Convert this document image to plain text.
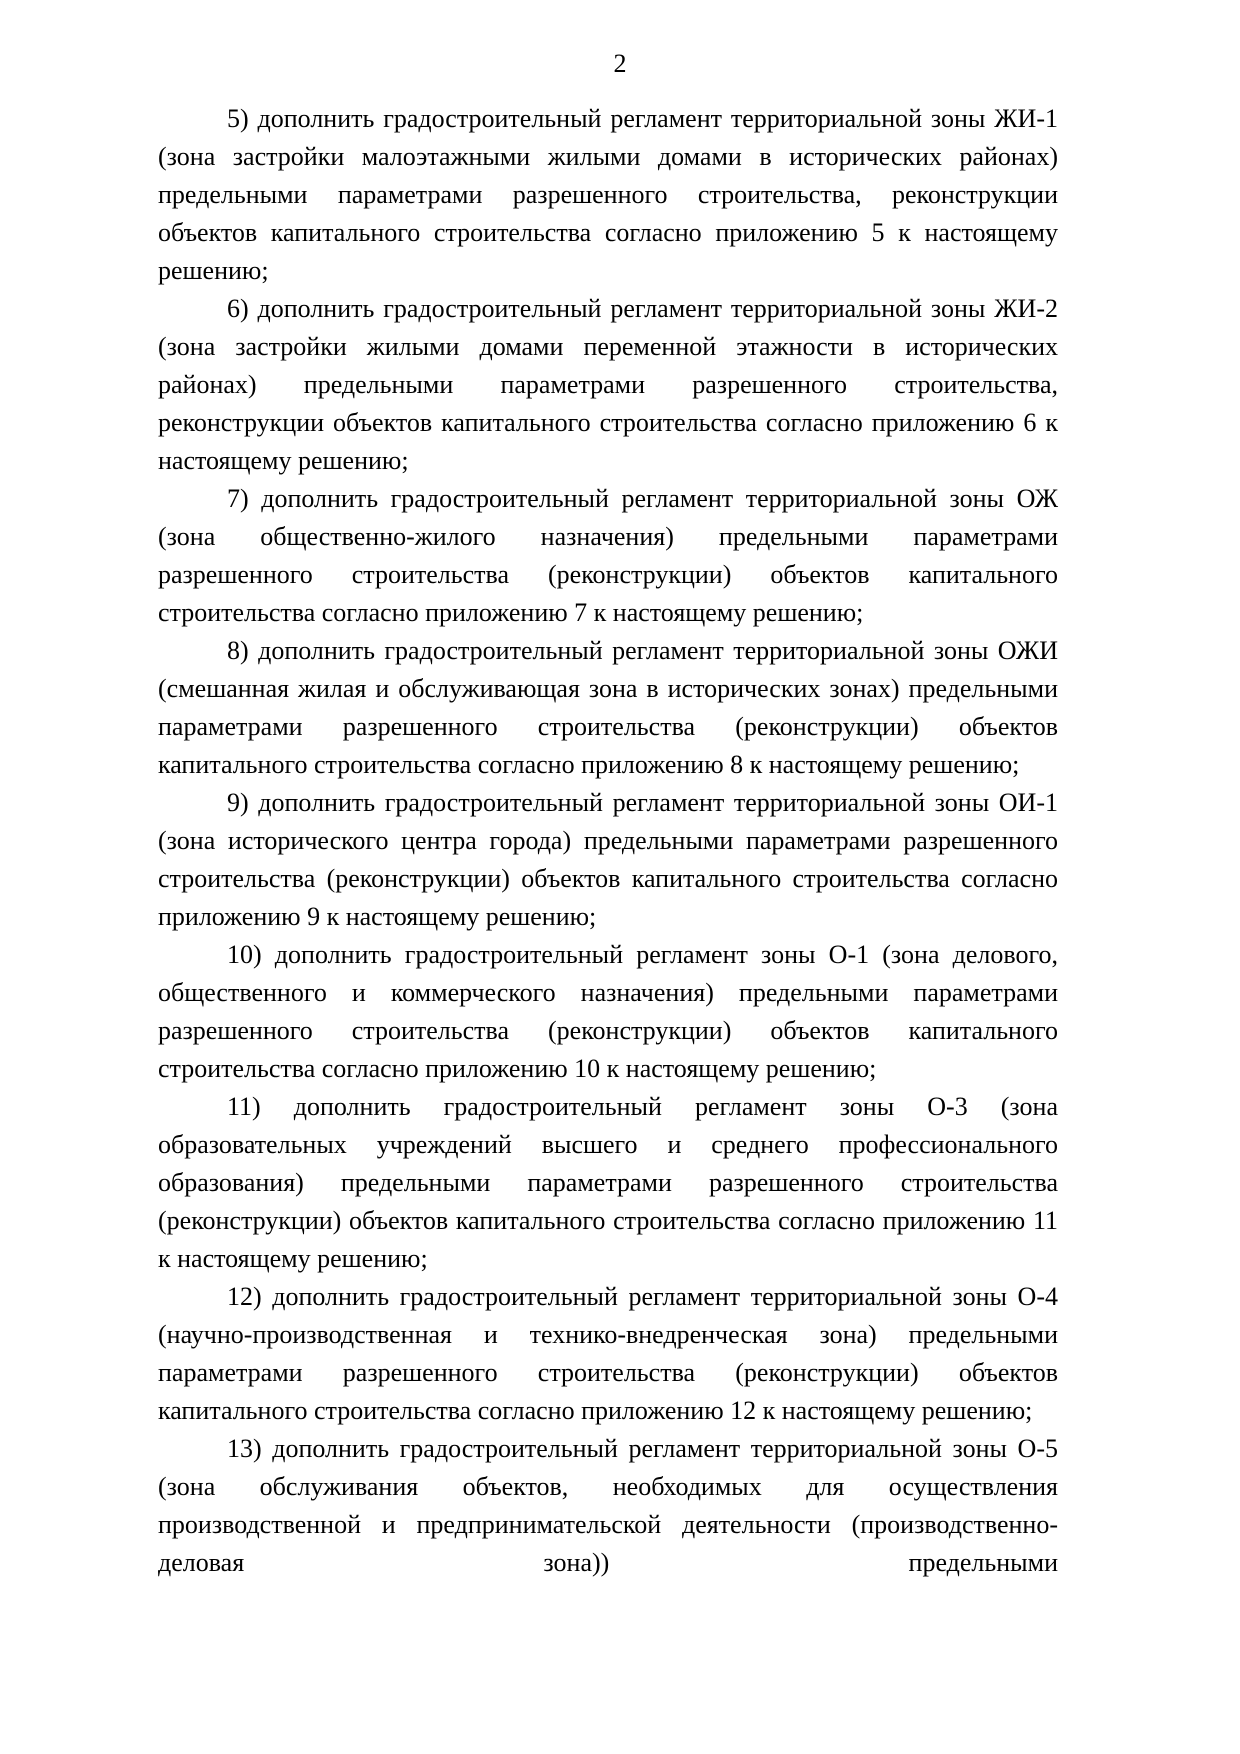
2

5) дополнить градостроительный регламент территориальной зоны ЖИ-1 (зона застройки малоэтажными жилыми домами в исторических районах) предельными параметрами разрешенного строительства, реконструкции объектов капитального строительства согласно приложению 5 к настоящему решению;

6) дополнить градостроительный регламент территориальной зоны ЖИ-2 (зона застройки жилыми домами переменной этажности в исторических районах) предельными параметрами разрешенного строительства, реконструкции объектов капитального строительства согласно приложению 6 к настоящему решению;

7) дополнить градостроительный регламент территориальной зоны ОЖ (зона общественно-жилого назначения) предельными параметрами разрешенного строительства (реконструкции) объектов капитального строительства согласно приложению 7 к настоящему решению;

8) дополнить градостроительный регламент территориальной зоны ОЖИ (смешанная жилая и обслуживающая зона в исторических зонах) предельными параметрами разрешенного строительства (реконструкции) объектов капитального строительства согласно приложению 8 к настоящему решению;

9) дополнить градостроительный регламент территориальной зоны ОИ-1 (зона исторического центра города) предельными параметрами разрешенного строительства (реконструкции) объектов капитального строительства согласно приложению 9 к настоящему решению;

10) дополнить градостроительный регламент зоны О-1 (зона делового, общественного и коммерческого назначения) предельными параметрами разрешенного строительства (реконструкции) объектов капитального строительства согласно приложению 10 к настоящему решению;

11) дополнить градостроительный регламент зоны О-3 (зона образовательных учреждений высшего и среднего профессионального образования) предельными параметрами разрешенного строительства (реконструкции) объектов капитального строительства согласно приложению 11 к настоящему решению;

12) дополнить градостроительный регламент территориальной зоны О-4 (научно-производственная и технико-внедренческая зона) предельными параметрами разрешенного строительства (реконструкции) объектов капитального строительства согласно приложению 12 к настоящему решению;

13) дополнить градостроительный регламент территориальной зоны О-5 (зона обслуживания объектов, необходимых для осуществления производственной и предпринимательской деятельности (производственно-деловая зона)) предельными
